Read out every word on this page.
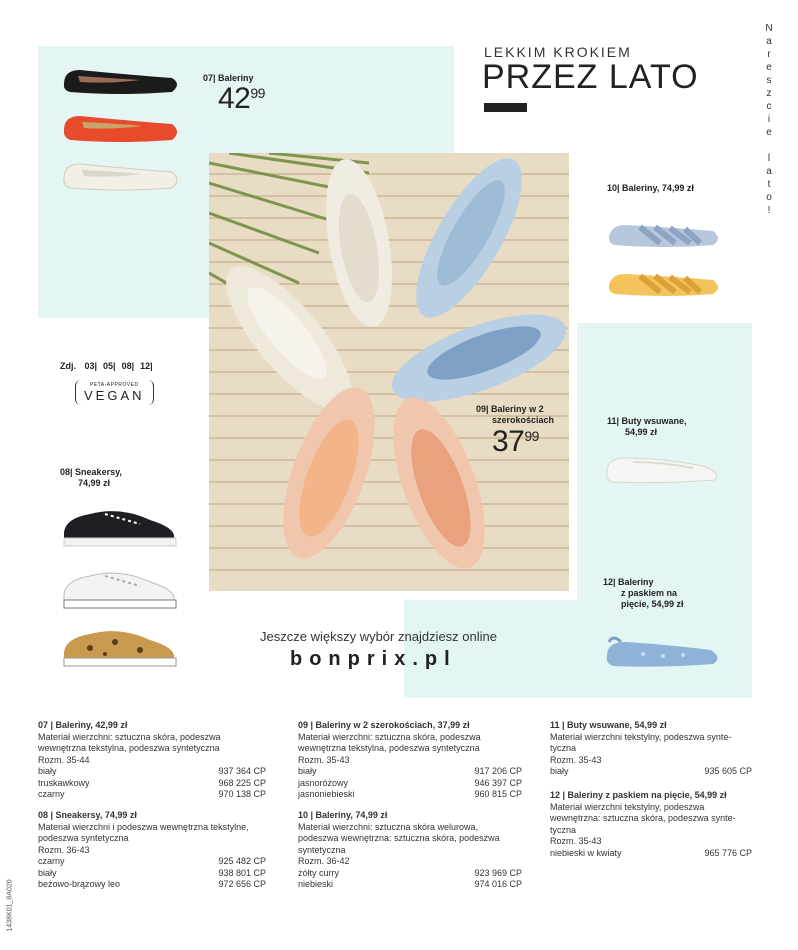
LEKKIM KROKIEM
PRZEZ LATO
N
a
r
e
s
z
c
i
e

l
a
t
o
!
07| Baleriny
$42^{99}$
09| Baleriny w 2
szerokościach
$37^{99}$
10| Baleriny, 74,99 zł
11| Buty wsuwane,
54,99 zł
12| Baleriny
z paskiem na
pięcie, 54,99 zł
Zdj. 03| 05| 08| 12|
PETA-APPROVED
VEGAN
08| Sneakersy,
74,99 zł
Jeszcze większy wybór znajdziesz online
bonprix.pl
07 | Baleriny, 42,99 zł
Materiał wierzchni: sztuczna skóra, podeszwa
wewnętrzna tekstylna, podeszwa syntetyczna
Rozm. 35-44
biały	937 364 CP
truskawkowy	968 225 CP
czarny	970 138 CP
08 | Sneakersy, 74,99 zł
Materiał wierzchni i podeszwa wewnętrzna tekstylne,
podeszwa syntetyczna
Rozm. 36-43
czarny	925 482 CP
biały	938 801 CP
beżowo-brązowy leo	972 656 CP
09 | Baleriny w 2 szerokościach, 37,99 zł
Materiał wierzchni: sztuczna skóra, podeszwa
wewnętrzna tekstylna, podeszwa syntetyczna
Rozm. 35-43
biały	917 206 CP
jasnoróżowy	946 397 CP
jasnoniebieski	960 815 CP
10 | Baleriny, 74,99 zł
Materiał wierzchni: sztuczna skóra welurowa,
podeszwa wewnętrzna: sztuczna skóra, podeszwa
syntetyczna
Rozm. 36-42
żółty curry	923 969 CP
niebieski	974 016 CP
11 | Buty wsuwane, 54,99 zł
Materiał wierzchni tekstylny, podeszwa synte-
tyczna
Rozm. 35-43
biały	935 605 CP
12 | Baleriny z paskiem na pięcie, 54,99 zł
Materiał wierzchni tekstylny, podeszwa
wewnętrzna: sztuczna skóra, podeszwa synte-
tyczna
Rozm. 35-43
niebieski w kwiaty	965 776 CP
1438K01_8A020
